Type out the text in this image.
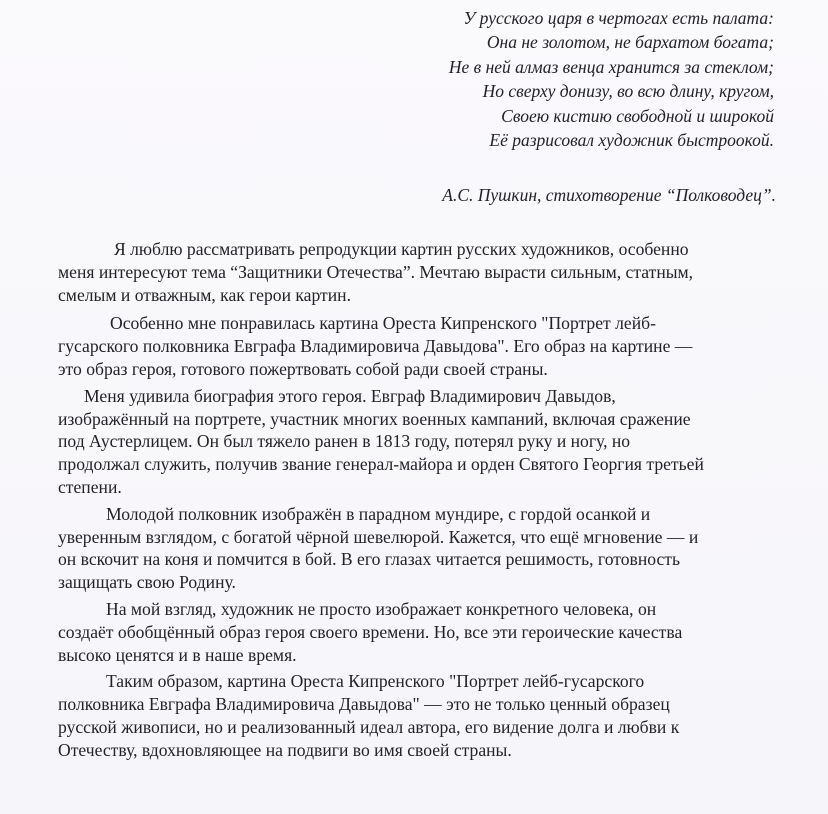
У русского царя в чертогах есть палата:
Она не золотом, не бархатом богата;
Не в ней алмаз венца хранится за стеклом;
Но сверху донизу, во всю длину, кругом,
Своею кистию свободной и широкой
Её разрисовал художник быстроокой.
А.С. Пушкин, стихотворение “Полководец”.

Я люблю рассматривать репродукции картин русских художников, особенно
меня интересуют тема “Защитники Отечества”. Мечтаю вырасти сильным, статным,
смелым и отважным, как герои картин.

Особенно мне понравилась картина Ореста Кипренского "Портрет лейб-
гусарского полковника Евграфа Владимировича Давыдова". Его образ на картине —
это образ героя, готового пожертвовать собой ради своей страны.

Меня удивила биография этого героя. Евграф Владимирович Давыдов,
изображённый на портрете, участник многих военных кампаний, включая сражение
под Аустерлицем. Он был тяжело ранен в 1813 году, потерял руку и ногу, но
продолжал служить, получив звание генерал-майора и орден Святого Георгия третьей
степени.

Молодой полковник изображён в парадном мундире, с гордой осанкой и
уверенным взглядом, с богатой чёрной шевелюрой. Кажется, что ещё мгновение — и
он вскочит на коня и помчится в бой. В его глазах читается решимость, готовность
защищать свою Родину.

На мой взгляд, художник не просто изображает конкретного человека, он
создаёт обобщённый образ героя своего времени. Но, все эти героические качества
высоко ценятся и в наше время.

Таким образом, картина Ореста Кипренского "Портрет лейб-гусарского
полковника Евграфа Владимировича Давыдова" — это не только ценный образец
русской живописи, но и реализованный идеал автора, его видение долга и любви к
Отечеству, вдохновляющее на подвиги во имя своей страны.
